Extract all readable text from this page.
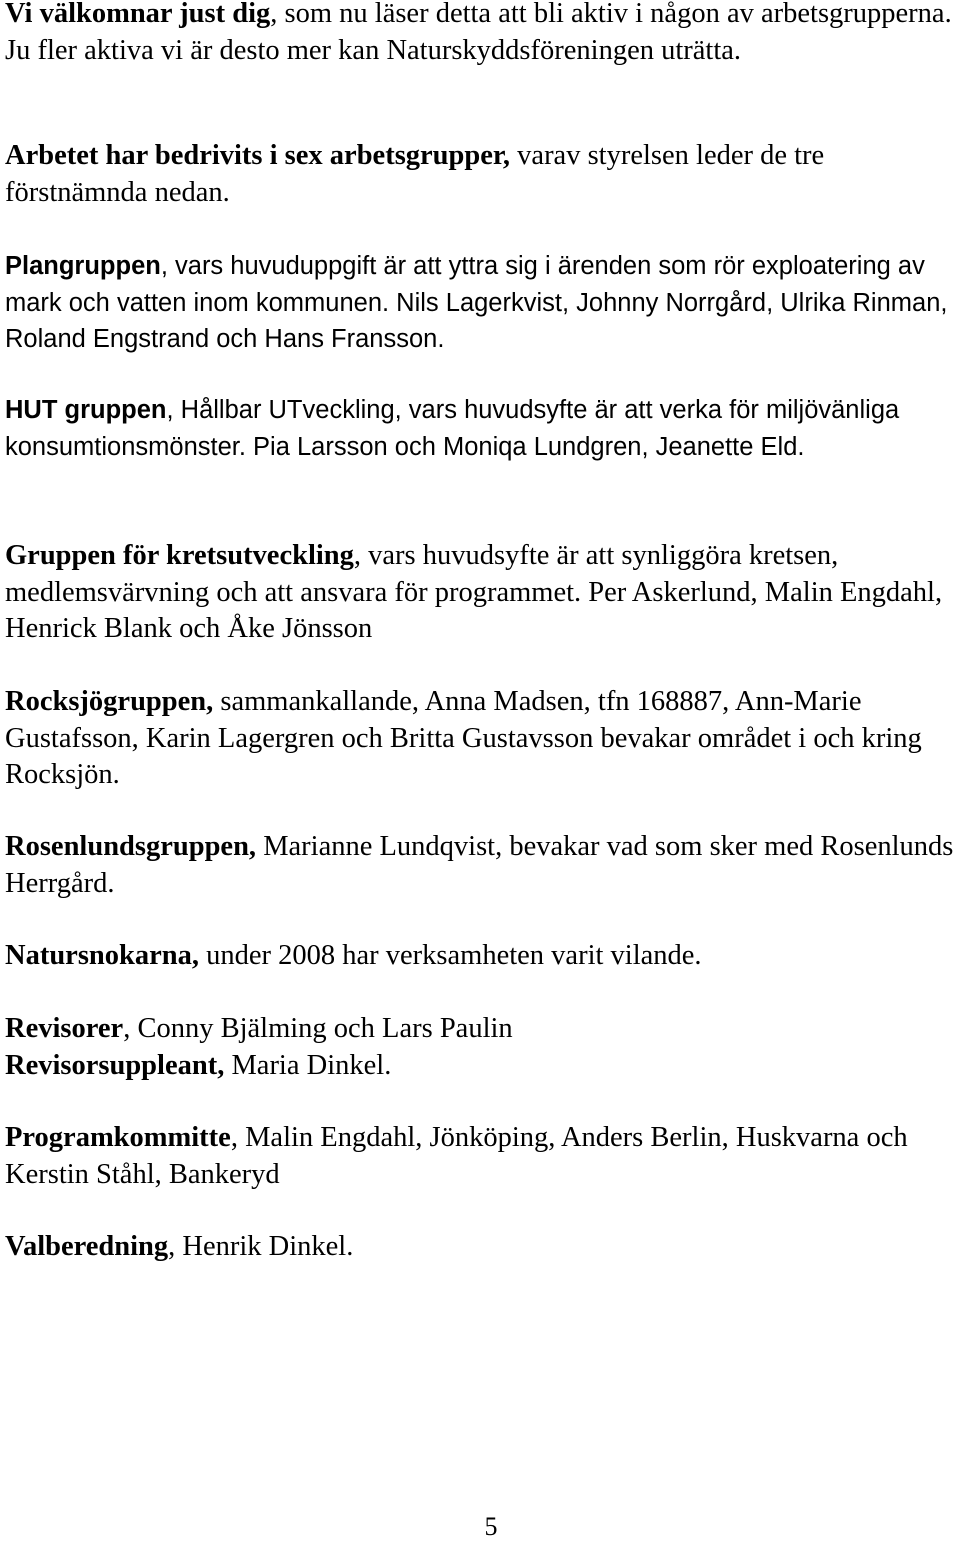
Vi välkomnar just dig, som nu läser detta att bli aktiv i någon av arbetsgrupperna. Ju fler aktiva vi är desto mer kan Naturskyddsföreningen uträtta.

Arbetet har bedrivits i sex arbetsgrupper, varav styrelsen leder de tre förstnämnda nedan.

Plangruppen, vars huvuduppgift är att yttra sig i ärenden som rör exploatering av mark och vatten inom kommunen. Nils Lagerkvist, Johnny Norrgård, Ulrika Rinman, Roland Engstrand och Hans Fransson.

HUT gruppen, Hållbar UTveckling, vars huvudsyfte är att verka för miljövänliga konsumtionsmönster. Pia Larsson och Moniqa Lundgren, Jeanette Eld.

Gruppen för kretsutveckling, vars huvudsyfte är att synliggöra kretsen, medlemsvärvning och att ansvara för programmet. Per Askerlund, Malin Engdahl, Henrick Blank och Åke Jönsson

Rocksjögruppen, sammankallande, Anna Madsen, tfn 168887, Ann-Marie Gustafsson, Karin Lagergren och Britta Gustavsson bevakar området i och kring Rocksjön.

Rosenlundsgruppen, Marianne Lundqvist, bevakar vad som sker med Rosenlunds Herrgård.

Natursnokarna, under 2008 har verksamheten varit vilande.

Revisorer, Conny Bjälming och Lars Paulin
Revisorsuppleant, Maria Dinkel.

Programkommitte, Malin Engdahl, Jönköping, Anders Berlin, Huskvarna och Kerstin Ståhl, Bankeryd

Valberedning, Henrik Dinkel.

5
